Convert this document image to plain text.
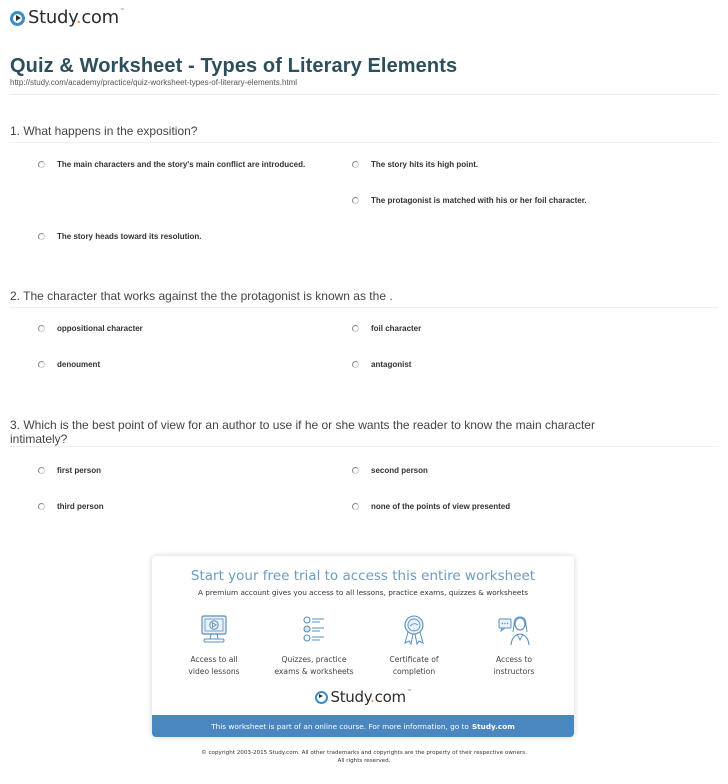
Study.com™
Quiz & Worksheet - Types of Literary Elements
http://study.com/academy/practice/quiz-worksheet-types-of-literary-elements.html
1. What happens in the exposition?
The main characters and the story's main conflict are introduced.	The story hits its high point.
The protagonist is matched with his or her foil character.
The story heads toward its resolution.
2. The character that works against the the protagonist is known as the .
oppositional character	foil character
denoument	antagonist
3. Which is the best point of view for an author to use if he or she wants the reader to know the main character intimately?
first person	second person
third person	none of the points of view presented
Start your free trial to access this entire worksheet
A premium account gives you access to all lessons, practice exams, quizzes & worksheets
Access to all
video lessons
Quizzes, practice
exams & worksheets
Certificate of
completion
Access to
instructors
Study.com™
This worksheet is part of an online course. For more information, go to Study.com
© copyright 2003-2015 Study.com. All other trademarks and copyrights are the property of their respective owners.
All rights reserved.
